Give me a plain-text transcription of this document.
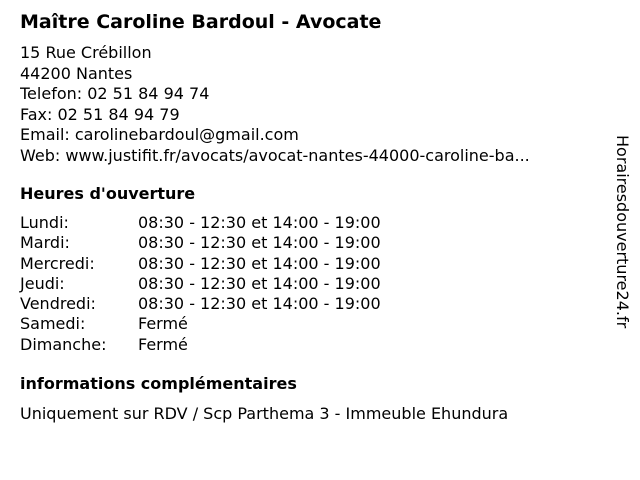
Maître Caroline Bardoul - Avocate
15 Rue Crébillon
44200 Nantes
Telefon: 02 51 84 94 74
Fax: 02 51 84 94 79
Email: carolinebardoul@gmail.com
Web: www.justifit.fr/avocats/avocat-nantes-44000-caroline-ba...
Heures d'ouverture
Lundi:	08:30 - 12:30 et 14:00 - 19:00
Mardi:	08:30 - 12:30 et 14:00 - 19:00
Mercredi:	08:30 - 12:30 et 14:00 - 19:00
Jeudi:	08:30 - 12:30 et 14:00 - 19:00
Vendredi:	08:30 - 12:30 et 14:00 - 19:00
Samedi:	Fermé
Dimanche:	Fermé
informations complémentaires
Uniquement sur RDV / Scp Parthema 3 - Immeuble Ehundura
Horairesdouverture24.fr
